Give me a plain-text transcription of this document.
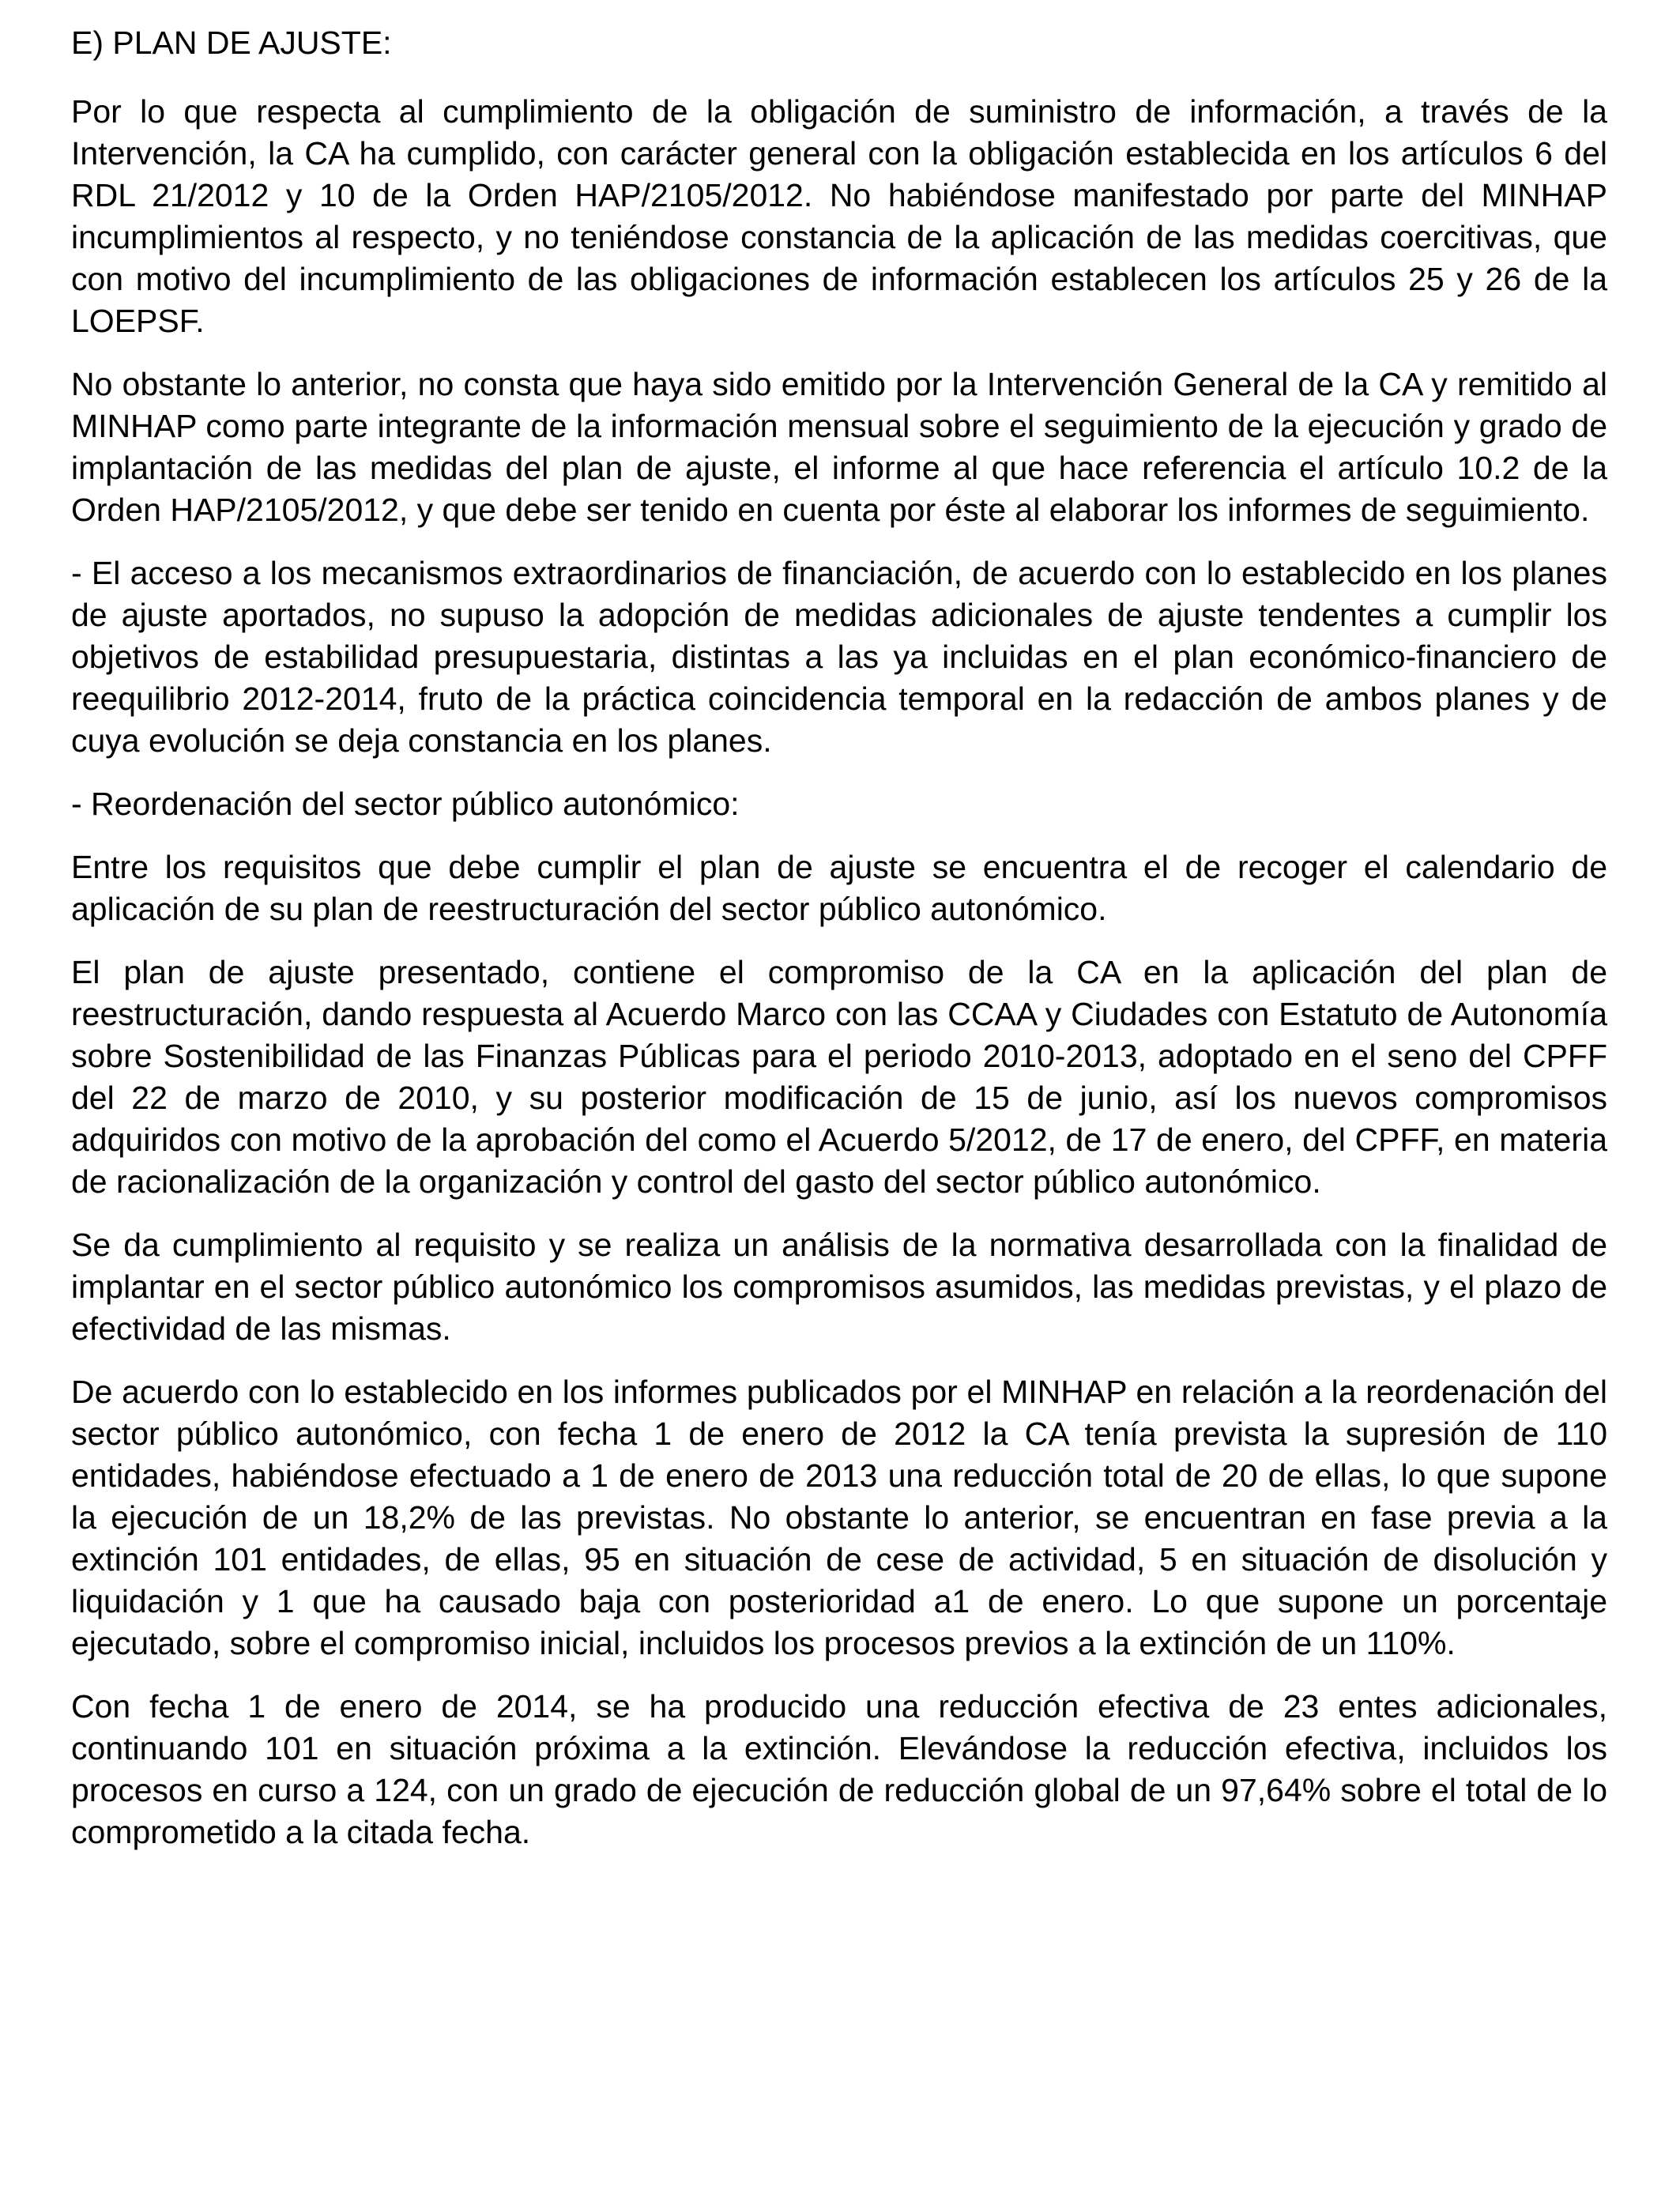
E) PLAN DE AJUSTE:

Por lo que respecta al cumplimiento de la obligación de suministro de información, a través de la Intervención, la CA ha cumplido, con carácter general con la obligación establecida en los artículos 6 del RDL 21/2012 y 10 de la Orden HAP/2105/2012. No habiéndose manifestado por parte del MINHAP incumplimientos al respecto, y no teniéndose constancia de la aplicación de las medidas coercitivas, que con motivo del incumplimiento de las obligaciones de información establecen los artículos 25 y 26 de la LOEPSF.

No obstante lo anterior, no consta que haya sido emitido por la Intervención General de la CA y remitido al MINHAP como parte integrante de la información mensual sobre el seguimiento de la ejecución y grado de implantación de las medidas del plan de ajuste, el informe al que hace referencia el artículo 10.2 de la Orden HAP/2105/2012, y que debe ser tenido en cuenta por éste al elaborar los informes de seguimiento.

- El acceso a los mecanismos extraordinarios de financiación, de acuerdo con lo establecido en los planes de ajuste aportados, no supuso la adopción de medidas adicionales de ajuste tendentes a cumplir los objetivos de estabilidad presupuestaria, distintas a las ya incluidas en el plan económico-financiero de reequilibrio 2012-2014, fruto de la práctica coincidencia temporal en la redacción de ambos planes y de cuya evolución se deja constancia en los planes.

- Reordenación del sector público autonómico:

Entre los requisitos que debe cumplir el plan de ajuste se encuentra el de recoger el calendario de aplicación de su plan de reestructuración del sector público autonómico.

El plan de ajuste presentado, contiene el compromiso de la CA en la aplicación del plan de reestructuración, dando respuesta al Acuerdo Marco con las CCAA y Ciudades con Estatuto de Autonomía sobre Sostenibilidad de las Finanzas Públicas para el periodo 2010-2013, adoptado en el seno del CPFF del 22 de marzo de 2010, y su posterior modificación de 15 de junio, así los nuevos compromisos adquiridos con motivo de la aprobación del como el Acuerdo 5/2012, de 17 de enero, del CPFF, en materia de racionalización de la organización y control del gasto del sector público autonómico.

Se da cumplimiento al requisito y se realiza un análisis de la normativa desarrollada con la finalidad de implantar en el sector público autonómico los compromisos asumidos, las medidas previstas, y el plazo de efectividad de las mismas.

De acuerdo con lo establecido en los informes publicados por el MINHAP en relación a la reordenación del sector público autonómico, con fecha 1 de enero de 2012 la CA tenía prevista la supresión de 110 entidades, habiéndose efectuado a 1 de enero de 2013 una reducción total de 20 de ellas, lo que supone la ejecución de un 18,2% de las previstas. No obstante lo anterior, se encuentran en fase previa a la extinción 101 entidades, de ellas, 95 en situación de cese de actividad, 5 en situación de disolución y liquidación y 1 que ha causado baja con posterioridad a1 de enero. Lo que supone un porcentaje ejecutado, sobre el compromiso inicial, incluidos los procesos previos a la extinción de un 110%.

Con fecha 1 de enero de 2014, se ha producido una reducción efectiva de 23 entes adicionales, continuando 101 en situación próxima a la extinción. Elevándose la reducción efectiva, incluidos los procesos en curso a 124, con un grado de ejecución de reducción global de un 97,64% sobre el total de lo comprometido a la citada fecha.
